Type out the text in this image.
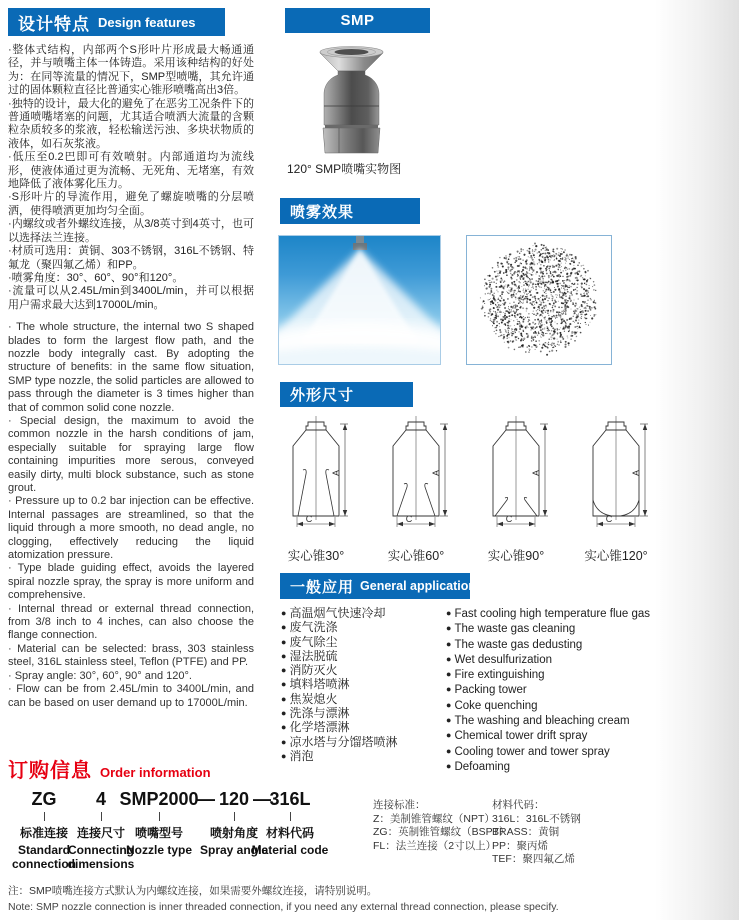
设计特点 Design features	SMP
喷雾效果
外形尺寸
一般应用 General application

·整体式结构，内部两个S形叶片形成最大畅通通径，并与喷嘴主体一体铸造。采用该种结构的好处为：在同等流量的情况下，SMP型喷嘴，其允许通过的固体颗粒直径比普通实心锥形喷嘴高出3倍。

·独特的设计，最大化的避免了在恶劣工况条件下的普通喷嘴堵塞的问题，尤其适合喷洒大流量的含颗粒杂质较多的浆液，轻松输送污浊、多块状物质的液体，如石灰浆液。

·低压至0.2巴即可有效喷射。内部通道均为流线形，使液体通过更为流畅、无死角、无堵塞，有效地降低了液体雾化压力。

·S形叶片的导流作用，避免了螺旋喷嘴的分层喷洒，使得喷洒更加均匀全面。

·内螺纹或者外螺纹连接，从3/8英寸到4英寸，也可以选择法兰连接。

·材质可选用：黄铜、303不锈钢，316L不锈钢、特氟龙（聚四氟乙烯）和PP。

·喷雾角度：30°、60°、90°和120°。

·流量可以从2.45L/min到3400L/min，并可以根据用户需求最大达到17000L/min。

· The whole structure, the internal two S shaped blades to form the largest flow path, and the nozzle body integrally cast. By adopting the structure of benefits: in the same flow situation, SMP type nozzle, the solid particles are allowed to pass through the diameter is 3 times higher than that of common solid cone nozzle.

· Special design, the maximum to avoid the common nozzle in the harsh conditions of jam, especially suitable for spraying large flow containing impurities more serous, conveyed easily dirty, multi block substance, such as stone grout.

· Pressure up to 0.2 bar injection can be effective. Internal passages are streamlined, so that the liquid through a more smooth, no dead angle, no clogging, effectively reducing the liquid atomization pressure.

· Type blade guiding effect, avoids the layered spiral nozzle spray, the spray is more uniform and comprehensive.

· Internal thread or external thread connection, from 3/8 inch to 4 inches, can also choose the flange connection.

· Material can be selected: brass, 303 stainless steel, 316L stainless steel, Teflon (PTFE) and PP.

· Spray angle: 30°, 60°, 90° and 120°.

· Flow can be from 2.45L/min to 3400L/min, and can be based on user demand up to 17000L/min.

120° SMP喷嘴实物图
A
C
A
C
A
C
A
C
实心锥30°	实心锥60°	实心锥90°	实心锥120°
● 高温烟气快速冷却
● 废气洗涤
● 废气除尘
● 湿法脱硫
● 消防灭火
● 填料塔喷淋
● 焦炭熄火
● 洗涤与漂淋
● 化学塔漂淋
● 凉水塔与分馏塔喷淋
● 消泡
● Fast cooling high temperature flue gas
● The waste gas cleaning
● The waste gas dedusting
● Wet desulfurization
● Fire extinguishing
● Packing tower
● Coke quenching
● The washing and bleaching cream
● Chemical tower drift spray
● Cooling tower and tower spray
● Defoaming
订购信息 Order information
ZG
标准连接
Standard connection
4
连接尺寸
Connecting dimensions
SMP2000
喷嘴型号
Nozzle type
— 120 —
喷射角度
Spray angle
316L
材料代码
Material code
连接标准：
Z：美制锥管螺纹（NPT）
ZG：英制锥管螺纹（BSPT）
FL：法兰连接（2寸以上）
材料代码：
316L：316L不锈钢
BRASS：黄铜
PP：聚丙烯
TEF：聚四氟乙烯
注：SMP喷嘴连接方式默认为内螺纹连接，如果需要外螺纹连接，请特别说明。
Note: SMP nozzle connection is inner threaded connection, if you need any external thread connection, please specify.
